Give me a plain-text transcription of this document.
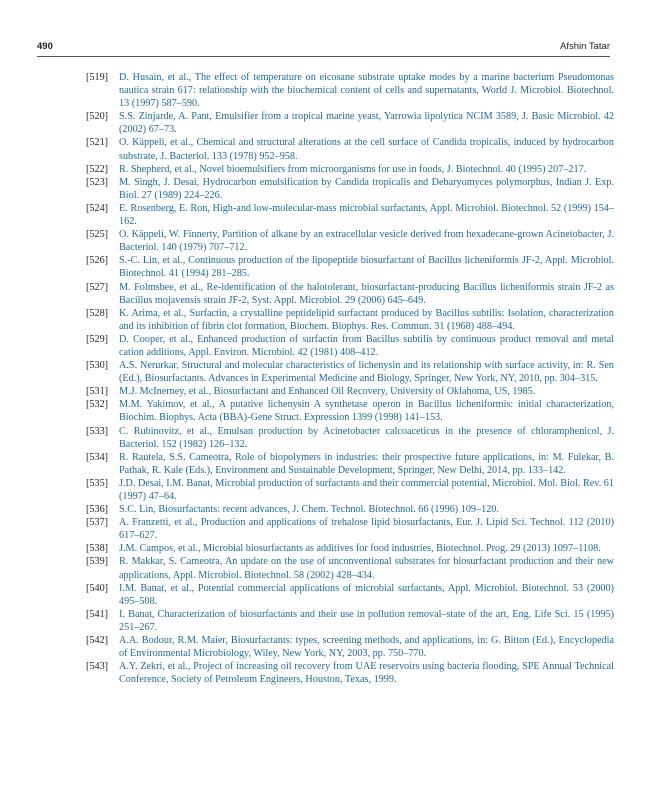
490	Afshin Tatar
[519] D. Husain, et al., The effect of temperature on eicosane substrate uptake modes by a marine bacterium Pseudomonas nautica strain 617: relationship with the biochemical content of cells and supernatants, World J. Microbiol. Biotechnol. 13 (1997) 587–590.
[520] S.S. Zinjarde, A. Pant, Emulsifier from a tropical marine yeast, Yarrowia lipolytica NCIM 3589, J. Basic Microbiol. 42 (2002) 67–73.
[521] O. Käppeli, et al., Chemical and structural alterations at the cell surface of Candida tropicalis, induced by hydrocarbon substrate, J. Bacteriol. 133 (1978) 952–958.
[522] R. Shepherd, et al., Novel bioemulsifiers from microorganisms for use in foods, J. Biotechnol. 40 (1995) 207–217.
[523] M. Singh, J. Desai, Hydrocarbon emulsification by Candida tropicalis and Debaryomyces polymorphus, Indian J. Exp. Biol. 27 (1989) 224–226.
[524] E. Rosenberg, E. Ron, High-and low-molecular-mass microbial surfactants, Appl. Microbiol. Biotechnol. 52 (1999) 154–162.
[525] O. Käppeli, W. Finnerty, Partition of alkane by an extracellular vesicle derived from hexadecane-grown Acinetobacter, J. Bacteriol. 140 (1979) 707–712.
[526] S.-C. Lin, et al., Continuous production of the lipopeptide biosurfactant of Bacillus licheniformis JF-2, Appl. Microbiol. Biotechnol. 41 (1994) 281–285.
[527] M. Folmsbee, et al., Re-identification of the halotolerant, biosurfactant-producing Bacillus licheniformis strain JF-2 as Bacillus mojavensis strain JF-2, Syst. Appl. Microbiol. 29 (2006) 645–649.
[528] K. Arima, et al., Surfactin, a crystalline peptidelipid surfactant produced by Bacillus subtilis: Isolation, characterization and its inhibition of fibrin clot formation, Biochem. Biophys. Res. Commun. 31 (1968) 488–494.
[529] D. Cooper, et al., Enhanced production of surfactin from Bacillus subtilis by continuous product removal and metal cation additions, Appl. Environ. Microbiol. 42 (1981) 408–412.
[530] A.S. Nerurkar, Structural and molecular characteristics of lichenysin and its relationship with surface activity, in: R. Sen (Ed.), Biosurfactants. Advances in Experimental Medicine and Biology, Springer, New York, NY, 2010, pp. 304–315.
[531] M.J. McInerney, et al., Biosurfactant and Enhanced Oil Recovery, University of Oklahoma, US, 1985.
[532] M.M. Yakimov, et al., A putative lichenysin A synthetase operon in Bacillus licheniformis: initial characterization, Biochim. Biophys. Acta (BBA)-Gene Struct. Expression 1399 (1998) 141–153.
[533] C. Rubinovitz, et al., Emulsan production by Acinetobacter calcoaceticus in the presence of chloramphenicol, J. Bacteriol. 152 (1982) 126–132.
[534] R. Rautela, S.S. Cameotra, Role of biopolymers in industries: their prospective future applications, in: M. Fulekar, B. Pathak, R. Kale (Eds.), Environment and Sustainable Development, Springer, New Delhi, 2014, pp. 133–142.
[535] J.D. Desai, I.M. Banat, Microbial production of surfactants and their commercial potential, Microbiol. Mol. Biol. Rev. 61 (1997) 47–64.
[536] S.C. Lin, Biosurfactants: recent advances, J. Chem. Technol. Biotechnol. 66 (1996) 109–120.
[537] A. Franzetti, et al., Production and applications of trehalose lipid biosurfactants, Eur. J. Lipid Sci. Technol. 112 (2010) 617–627.
[538] J.M. Campos, et al., Microbial biosurfactants as additives for food industries, Biotechnol. Prog. 29 (2013) 1097–1108.
[539] R. Makkar, S. Cameotra, An update on the use of unconventional substrates for biosurfactant production and their new applications, Appl. Microbiol. Biotechnol. 58 (2002) 428–434.
[540] I.M. Banat, et al., Potential commercial applications of microbial surfactants, Appl. Microbiol. Biotechnol. 53 (2000) 495–508.
[541] I. Banat, Characterization of biosurfactants and their use in pollution removal–state of the art, Eng. Life Sci. 15 (1995) 251–267.
[542] A.A. Bodour, R.M. Maier, Biosurfactants: types, screening methods, and applications, in: G. Bitton (Ed.), Encyclopedia of Environmental Microbiology, Wiley, New York, NY, 2003, pp. 750–770.
[543] A.Y. Zekri, et al., Project of increasing oil recovery from UAE reservoirs using bacteria flooding, SPE Annual Technical Conference, Society of Petroleum Engineers, Houston, Texas, 1999.
